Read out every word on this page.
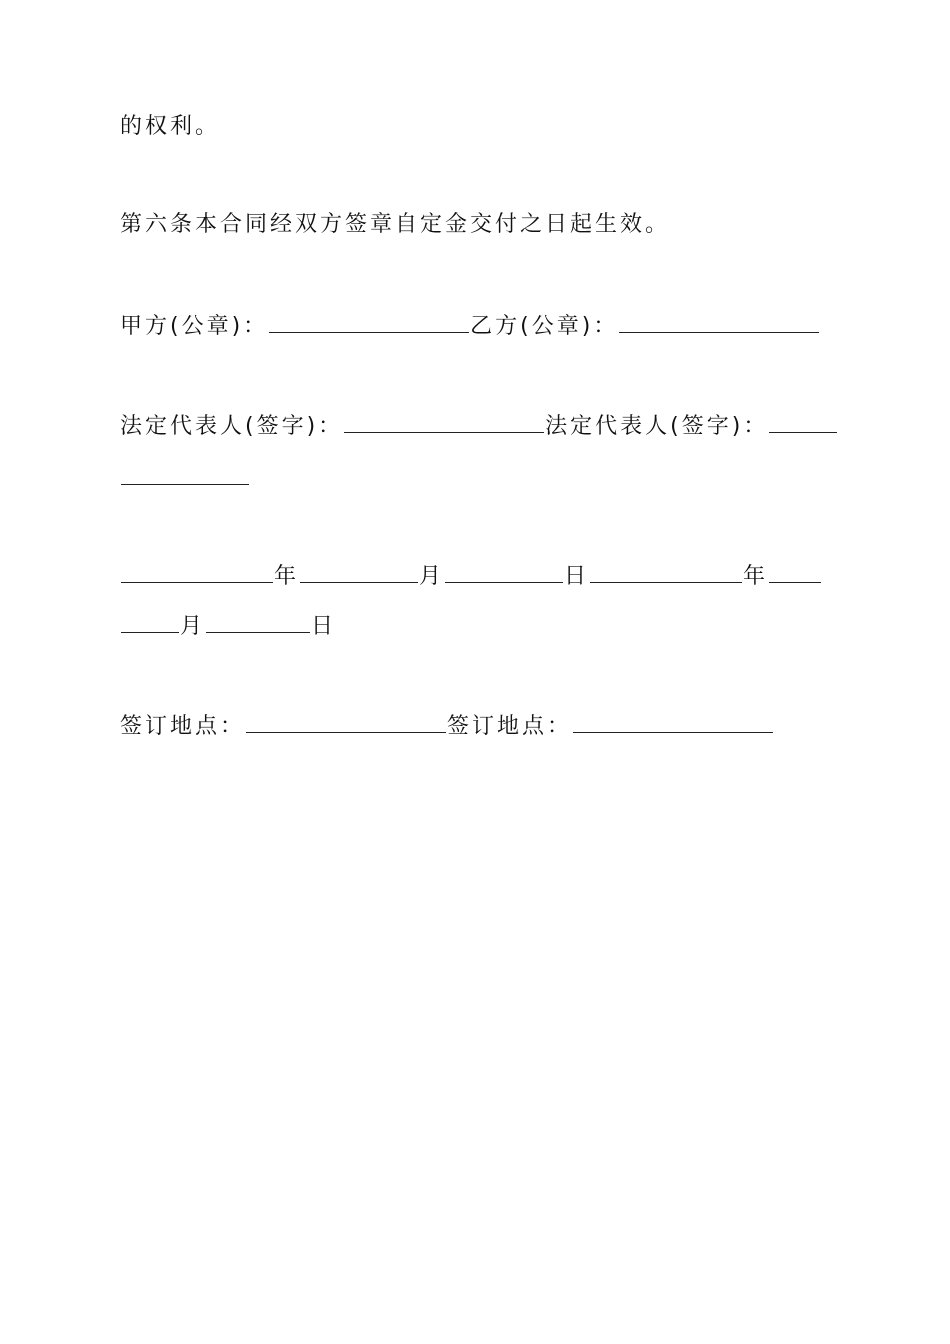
的权利。
第六条本合同经双方签章自定金交付之日起生效。
甲方(公章)：	乙方(公章)：
法定代表人(签字)：	法定代表人(签字)：
年	月	日	年
月	日
签订地点：	签订地点：
